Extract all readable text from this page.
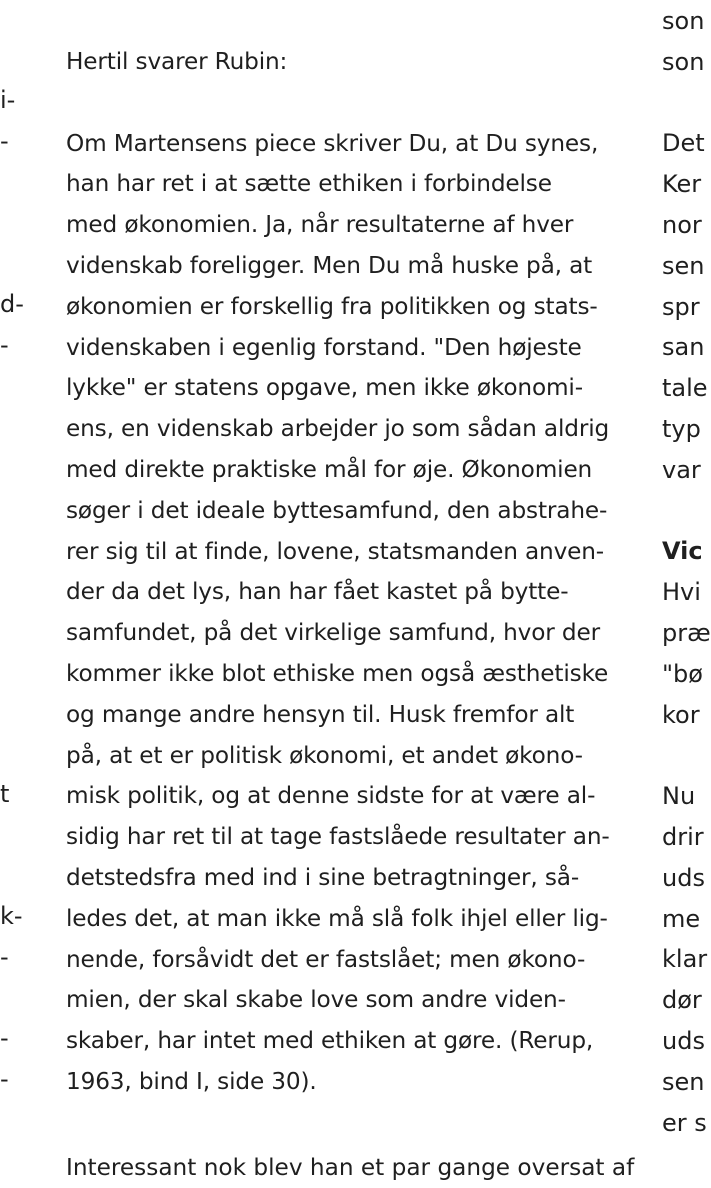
i-
-
d-
-
t
k-
-
-
-
Hertil svarer Rubin:
Om Martensens piece skriver Du, at Du synes,
han har ret i at sætte ethiken i forbindelse
med økonomien. Ja, når resultaterne af hver
videnskab foreligger. Men Du må huske på, at
økonomien er forskellig fra politikken og stats-
videnskaben i egenlig forstand. "Den højeste
lykke" er statens opgave, men ikke økonomi-
ens, en videnskab arbejder jo som sådan aldrig
med direkte praktiske mål for øje. Økonomien
søger i det ideale byttesamfund, den abstrahe-
rer sig til at finde, lovene, statsmanden anven-
der da det lys, han har fået kastet på bytte-
samfundet, på det virkelige samfund, hvor der
kommer ikke blot ethiske men også æsthetiske
og mange andre hensyn til. Husk fremfor alt
på, at et er politisk økonomi, et andet økono-
misk politik, og at denne sidste for at være al-
sidig har ret til at tage fastslåede resultater an-
detstedsfra med ind i sine betragtninger, så-
ledes det, at man ikke må slå folk ihjel eller lig-
nende, forsåvidt det er fastslået; men økono-
mien, der skal skabe love som andre viden-
skaber, har intet med ethiken at gøre. (Rerup,
1963, bind I, side 30).
Interessant nok blev han et par gange oversat af
son
son
Det
Ker
nor
sen
spr
san
tale
typ
var
Vic
Hvi
præ
"bø
kor
Nu
drir
uds
me
klar
dør
uds
sen
er s
